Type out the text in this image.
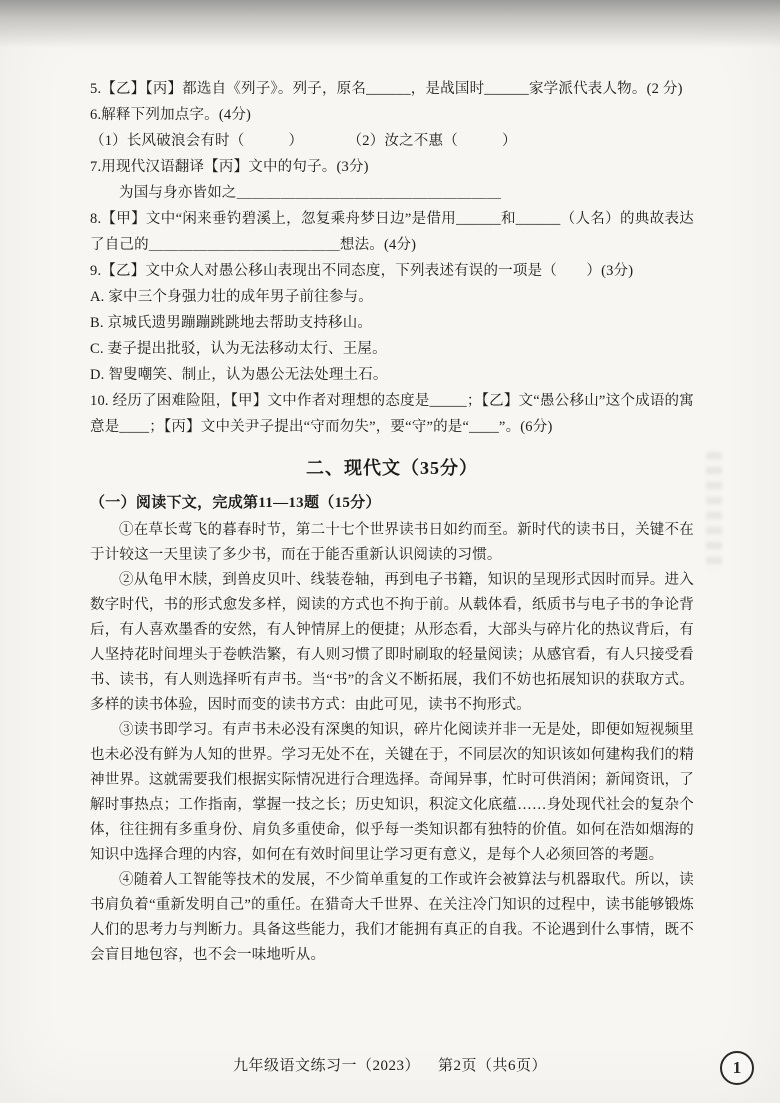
5.【乙】【丙】都选自《列子》。列子，原名______，是战国时______家学派代表人物。(2 分)

6.解释下列加点字。(4分)

（1）长风破浪会有时（　　　）　　　　（2）汝之不惠（　　　）

7.用现代汉语翻译【丙】文中的句子。(3分)

为国与身亦皆如之＿＿＿＿＿＿＿＿＿＿＿＿＿＿＿＿＿＿

8.【甲】文中“闲来垂钓碧溪上，忽复乘舟梦日边”是借用______和______（人名）的典故表达了自己的＿＿＿＿＿＿＿＿＿＿＿＿＿想法。(4分)

9.【乙】文中众人对愚公移山表现出不同态度，下列表述有误的一项是（　　）(3分)

A. 家中三个身强力壮的成年男子前往参与。

B. 京城氏遗男蹦蹦跳跳地去帮助支持移山。

C. 妻子提出批驳，认为无法移动太行、王屋。

D. 智叟嘲笑、制止，认为愚公无法处理土石。

10. 经历了困难险阻，【甲】文中作者对理想的态度是_____；【乙】文“愚公移山”这个成语的寓意是____；【丙】文中关尹子提出“守而勿失”，要“守”的是“____”。(6分)

二、现代文（35分）

（一）阅读下文，完成第11—13题（15分）

①在草长莺飞的暮春时节，第二十七个世界读书日如约而至。新时代的读书日，关键不在于计较这一天里读了多少书，而在于能否重新认识阅读的习惯。

②从龟甲木牍，到兽皮贝叶、线装卷轴，再到电子书籍，知识的呈现形式因时而异。进入数字时代，书的形式愈发多样，阅读的方式也不拘于前。从载体看，纸质书与电子书的争论背后，有人喜欢墨香的安然，有人钟情屏上的便捷；从形态看，大部头与碎片化的热议背后，有人坚持花时间埋头于卷帙浩繁，有人则习惯了即时刷取的轻量阅读；从感官看，有人只接受看书、读书，有人则选择听有声书。当“书”的含义不断拓展，我们不妨也拓展知识的获取方式。多样的读书体验，因时而变的读书方式：由此可见，读书不拘形式。

③读书即学习。有声书未必没有深奥的知识，碎片化阅读并非一无是处，即便如短视频里也未必没有鲜为人知的世界。学习无处不在，关键在于，不同层次的知识该如何建构我们的精神世界。这就需要我们根据实际情况进行合理选择。奇闻异事，忙时可供消闲；新闻资讯，了解时事热点；工作指南，掌握一技之长；历史知识，积淀文化底蕴……身处现代社会的复杂个体，往往拥有多重身份、肩负多重使命，似乎每一类知识都有独特的价值。如何在浩如烟海的知识中选择合理的内容，如何在有效时间里让学习更有意义，是每个人必须回答的考题。

④随着人工智能等技术的发展，不少简单重复的工作或许会被算法与机器取代。所以，读书肩负着“重新发明自己”的重任。在猎奇大千世界、在关注冷门知识的过程中，读书能够锻炼人们的思考力与判断力。具备这些能力，我们才能拥有真正的自我。不论遇到什么事情，既不会盲目地包容，也不会一味地听从。

九年级语文练习一（2023） 第2页（共6页）	1
